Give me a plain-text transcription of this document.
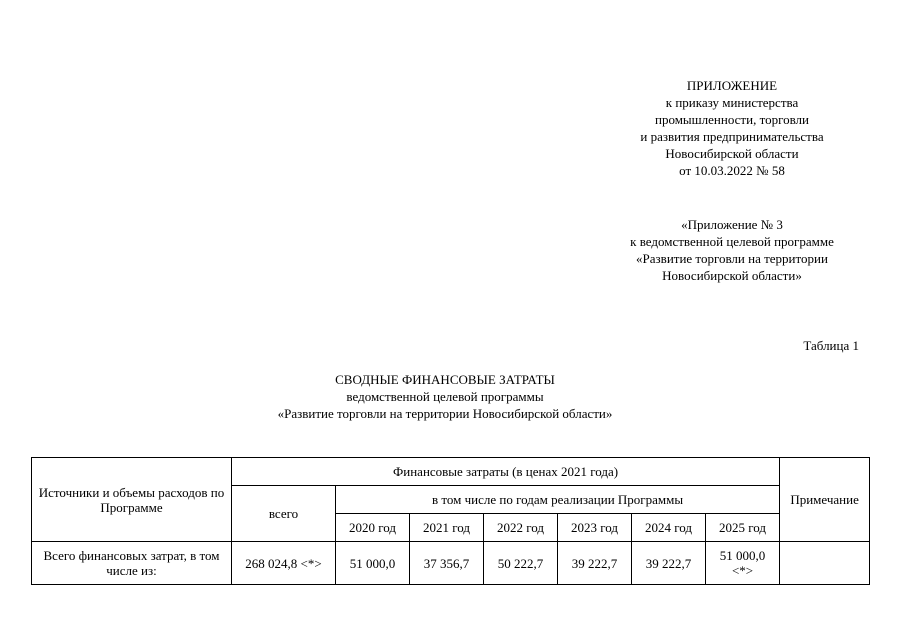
ПРИЛОЖЕНИЕ
к приказу министерства
промышленности, торговли
и развития предпринимательства
Новосибирской области
от 10.03.2022 № 58
«Приложение № 3
к ведомственной целевой программе
«Развитие торговли на территории
Новосибирской области»
Таблица 1
СВОДНЫЕ ФИНАНСОВЫЕ ЗАТРАТЫ
ведомственной целевой программы
«Развитие торговли на территории Новосибирской области»
Источники и объемы расходов по Программе	Финансовые затраты (в ценах 2021 года)							Примечание
	всего	в том числе по годам реализации Программы						
		2020 год	2021 год	2022 год	2023 год	2024 год	2025 год	
Всего финансовых затрат, в том числе из:	268 024,8 <*>	51 000,0	37 356,7	50 222,7	39 222,7	39 222,7	51 000,0 <*>	
